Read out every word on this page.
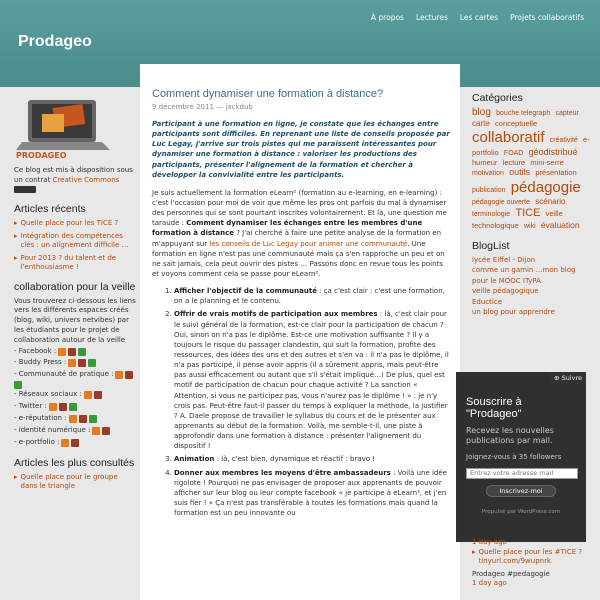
À propos Lectures Les cartes Projets collaboratifs
Prodageo
PRODAGEO
Ce blog est mis à disposition sous un contrat Creative Commons
Articles récents
▸ Quelle place pour les TICE ?
▸ Intégration des compétences clés : un alignement difficile …
▸ Pour 2013 ? du talent et de l'enthousiasme !
collaboration pour la veille
Vous trouverez ci-dessous les liens vers les différents espaces créés (blog, wiki, univers netvibes) par les étudiants pour le projet de collaboration autour de la veille
- Facebook :
- Buddy Press :
- Communauté de pratique :
- Réseaux sociaux :
- Twitter :
- e-réputation :
- identité numérique :
- e-portfolio :
Articles les plus consultés
▸ Quelle place pour le groupe dans le triangle
Comment dynamiser une formation à distance?
9 décembre 2011 — jackdub
Participant à une formation en ligne, je constate que les échanges entre participants sont difficiles. En reprenant une liste de conseils proposée par Luc Legay, j'arrive sur trois pistes qui me paraissent intéressantes pour dynamiser une formation à distance : valoriser les productions des participants, présenter l'alignement de la formation et chercher à développer la convivialité entre les participants.
Je suis actuellement la formation eLearn² (formation au e-learning, en e-learning) : c'est l'occasion pour moi de voir que même les pros ont parfois du mal à dynamiser des personnes qui se sont pourtant inscrites volontairement. Et là, une question me taraude : Comment dynamiser les échanges entre les membres d'une formation à distance ? J'ai cherché à faire une petite analyse de la formation en m'appuyant sur les conseils de Luc Legay pour animer une communauté. Une formation en ligne n'est pas une communauté mais ça s'en rapproche un peu et on ne sait jamais, cela peut ouvrir des pistes … Passons donc en revue tous les points et voyons comment cela se passe pour eLearn².
1. Afficher l'objectif de la communauté : ça c'est clair : c'est une formation, on a le planning et le contenu.
2. Offrir de vrais motifs de participation aux membres : là, c'est clair pour le suivi général de la formation, est-ce clair pour la participation de chacun ? Oui, sinon on n'a pas le diplôme. Est-ce une motivation suffisante ? Il y a toujours le risque du passager clandestin, qui suit la formation, profite des ressources, des idées des uns et des autres et s'en va : il n'a pas le diplôme, il n'a pas participé, il pense avoir appris (il a sûrement appris, mais peut-être pas aussi efficacement ou autant que s'il s'était impliqué…) De plus, quel est motif de participation de chacun pour chaque activité ? La sanction « Attention, si vous ne participez pas, vous n'aurez pas le diplôme ! » : je n'y crois pas. Peut-être faut-il passer du temps à expliquer la méthode, la justifier ? A. Daele propose de travailler le syllabus du cours et de le présenter aux apprenants au début de la formation. Voilà, me semble-t-il, une piste à approfondir dans une formation à distance : présenter l'alignement du dispositif !
3. Animation : là, c'est bien, dynamique et réactif : bravo !
4. Donner aux membres les moyens d'être ambassadeurs : Voilà une idée rigolote ! Pourquoi ne pas envisager de proposer aux apprenants de pouvoir afficher sur leur blog ou leur compte facebook « je participe à eLearn², et j'en suis fier ! » Ça n'est pas transférable à toutes les formations mais quand la formation est un peu innovante ou
Catégories
blog bouche telegraph capteur carte conceptuelle collaboratif créativité e-portfolio FOAD géodistribué humeur lecture mini-serre motivation outils présentation publication pédagogie pédagogie ouverte scénario terminologie TICE veille technologique wiki évaluation
BlogList
lycée Eiffel - Dijon
comme un gamin …mon blog
pour le MOOC ITyPA
veille pédagogique
Eductice
un blog pour apprendre
⊕ Suivre
Souscrire à "Prodageo"
Recevez les nouvelles publications par mail.
Joignez-vous à 35 followers
Entrez votre adresse mail
Inscrivez-moi
Propulsé par WordPress.com
1 day ago
▸ Quelle place pour les #TICE ? tinyurl.com/9wupnrk
Prodageo #pedagogie
1 day ago
